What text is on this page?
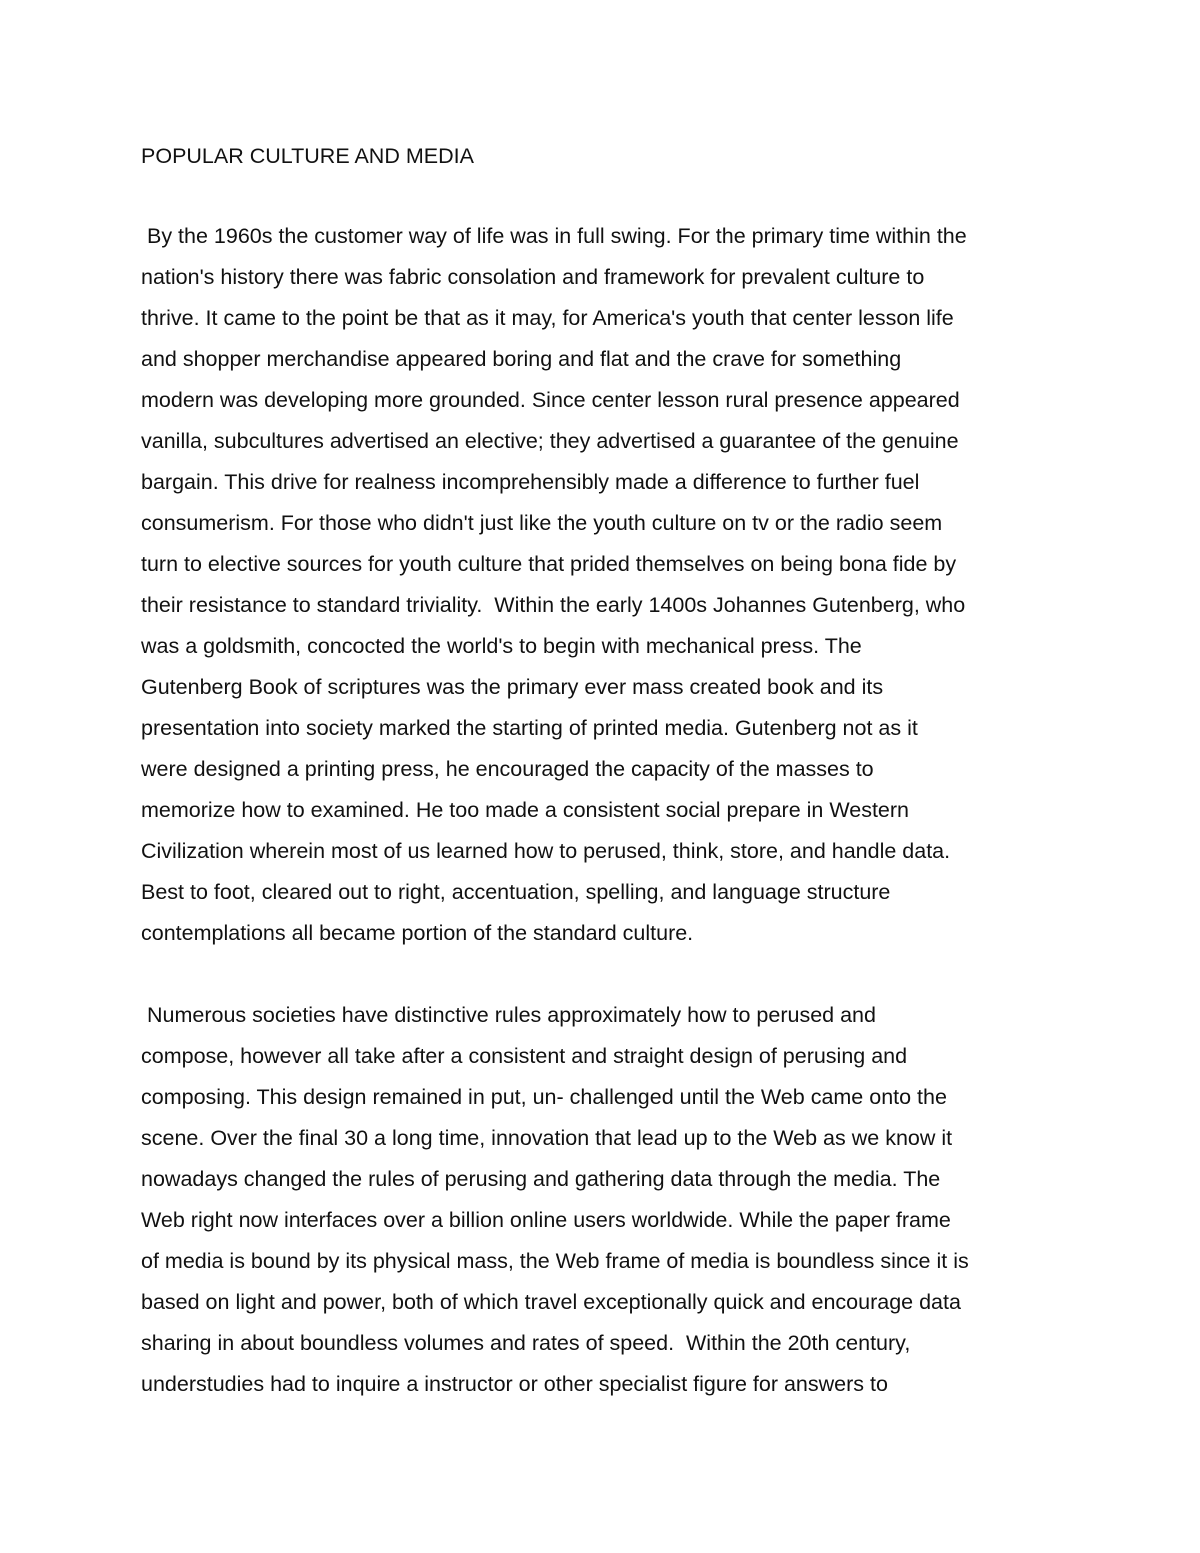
POPULAR CULTURE AND MEDIA

By the 1960s the customer way of life was in full swing. For the primary time within the
nation's history there was fabric consolation and framework for prevalent culture to
thrive. It came to the point be that as it may, for America's youth that center lesson life
and shopper merchandise appeared boring and flat and the crave for something
modern was developing more grounded. Since center lesson rural presence appeared
vanilla, subcultures advertised an elective; they advertised a guarantee of the genuine
bargain. This drive for realness incomprehensibly made a difference to further fuel
consumerism. For those who didn't just like the youth culture on tv or the radio seem
turn to elective sources for youth culture that prided themselves on being bona fide by
their resistance to standard triviality.  Within the early 1400s Johannes Gutenberg, who
was a goldsmith, concocted the world's to begin with mechanical press. The
Gutenberg Book of scriptures was the primary ever mass created book and its
presentation into society marked the starting of printed media. Gutenberg not as it
were designed a printing press, he encouraged the capacity of the masses to
memorize how to examined. He too made a consistent social prepare in Western
Civilization wherein most of us learned how to perused, think, store, and handle data.
Best to foot, cleared out to right, accentuation, spelling, and language structure
contemplations all became portion of the standard culture.

Numerous societies have distinctive rules approximately how to perused and
compose, however all take after a consistent and straight design of perusing and
composing. This design remained in put, un- challenged until the Web came onto the
scene. Over the final 30 a long time, innovation that lead up to the Web as we know it
nowadays changed the rules of perusing and gathering data through the media. The
Web right now interfaces over a billion online users worldwide. While the paper frame
of media is bound by its physical mass, the Web frame of media is boundless since it is
based on light and power, both of which travel exceptionally quick and encourage data
sharing in about boundless volumes and rates of speed.  Within the 20th century,
understudies had to inquire a instructor or other specialist figure for answers to
